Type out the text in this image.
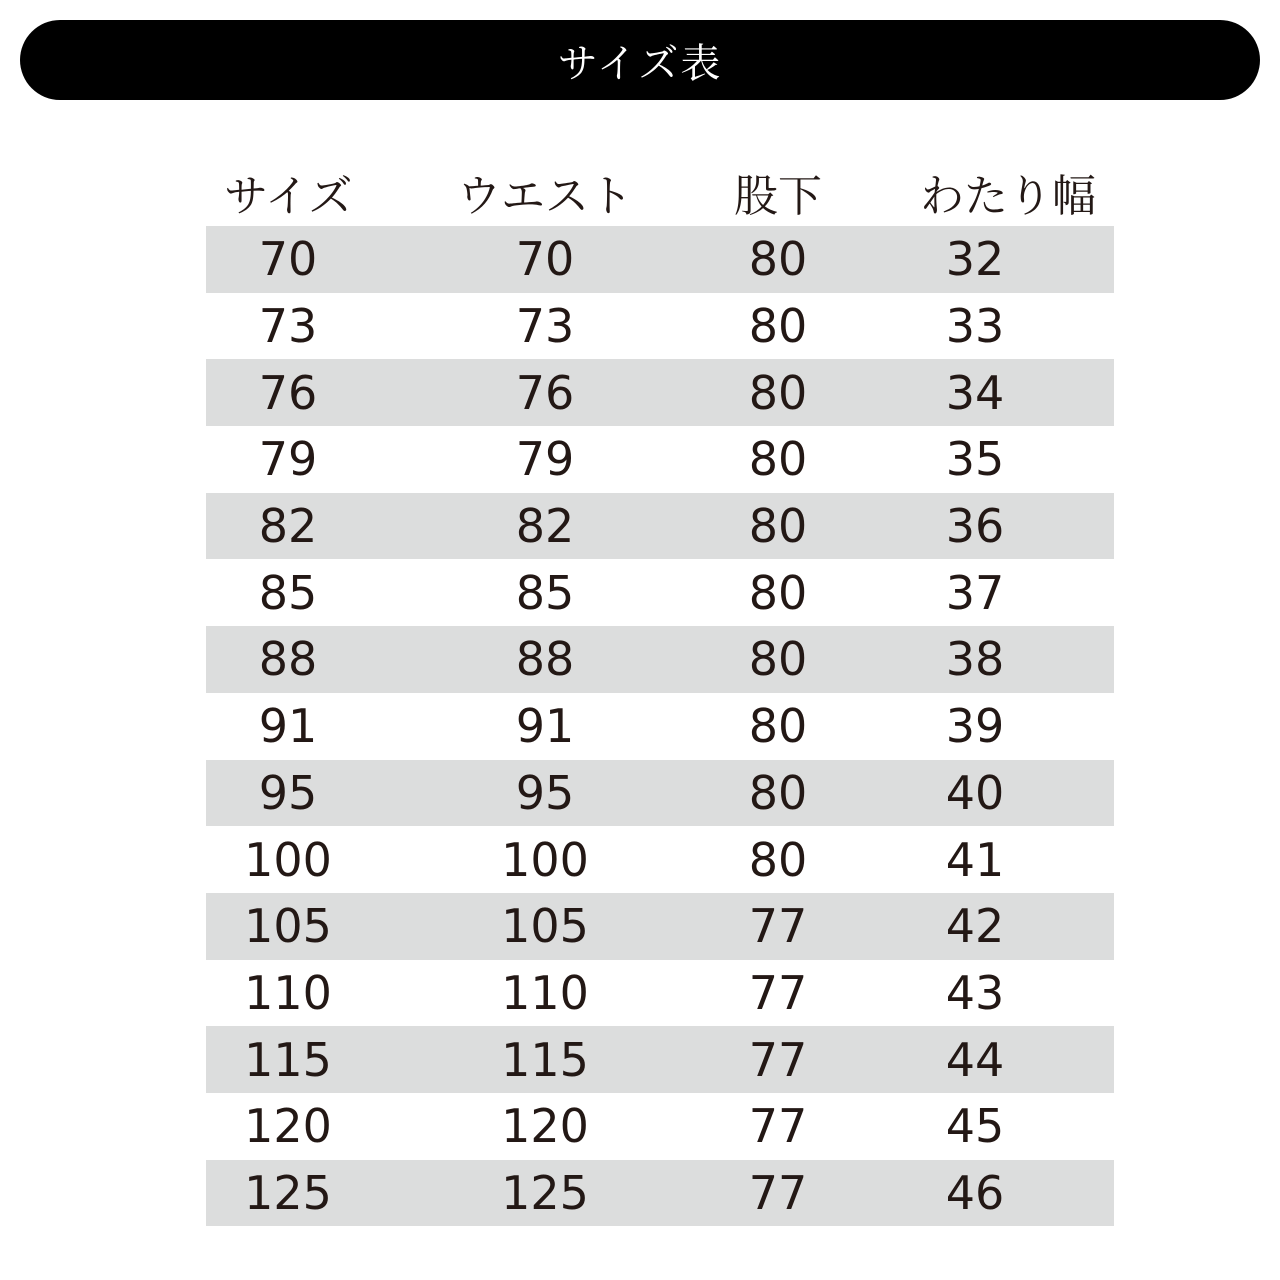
サイズ表
サイズ	ウエスト	股下	わたり幅
70	70	80	32
73	73	80	33
76	76	80	34
79	79	80	35
82	82	80	36
85	85	80	37
88	88	80	38
91	91	80	39
95	95	80	40
100	100	80	41
105	105	77	42
110	110	77	43
115	115	77	44
120	120	77	45
125	125	77	46
